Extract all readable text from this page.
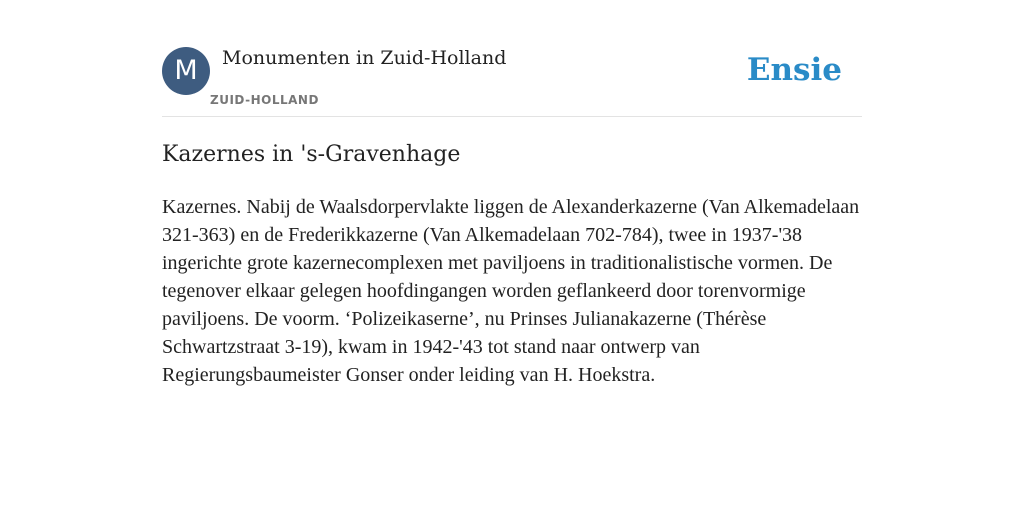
M	Monumenten in Zuid-Holland
ZUID-HOLLAND
Ensie
Kazernes in 's-Gravenhage

Kazernes. Nabij de Waalsdorpervlakte liggen de Alexanderkazerne (Van Alkemadelaan 321-363) en de Frederikkazerne (Van Alkemadelaan 702-784), twee in 1937-'38 ingerichte grote kazernecomplexen met paviljoens in traditionalistische vormen. De tegenover elkaar gelegen hoofdingangen worden geflankeerd door torenvormige paviljoens. De voorm. ‘Polizeikaserne’, nu Prinses Julianakazerne (Thérèse Schwartzstraat 3-19), kwam in 1942-'43 tot stand naar ontwerp van Regierungsbaumeister Gonser onder leiding van H. Hoekstra.
